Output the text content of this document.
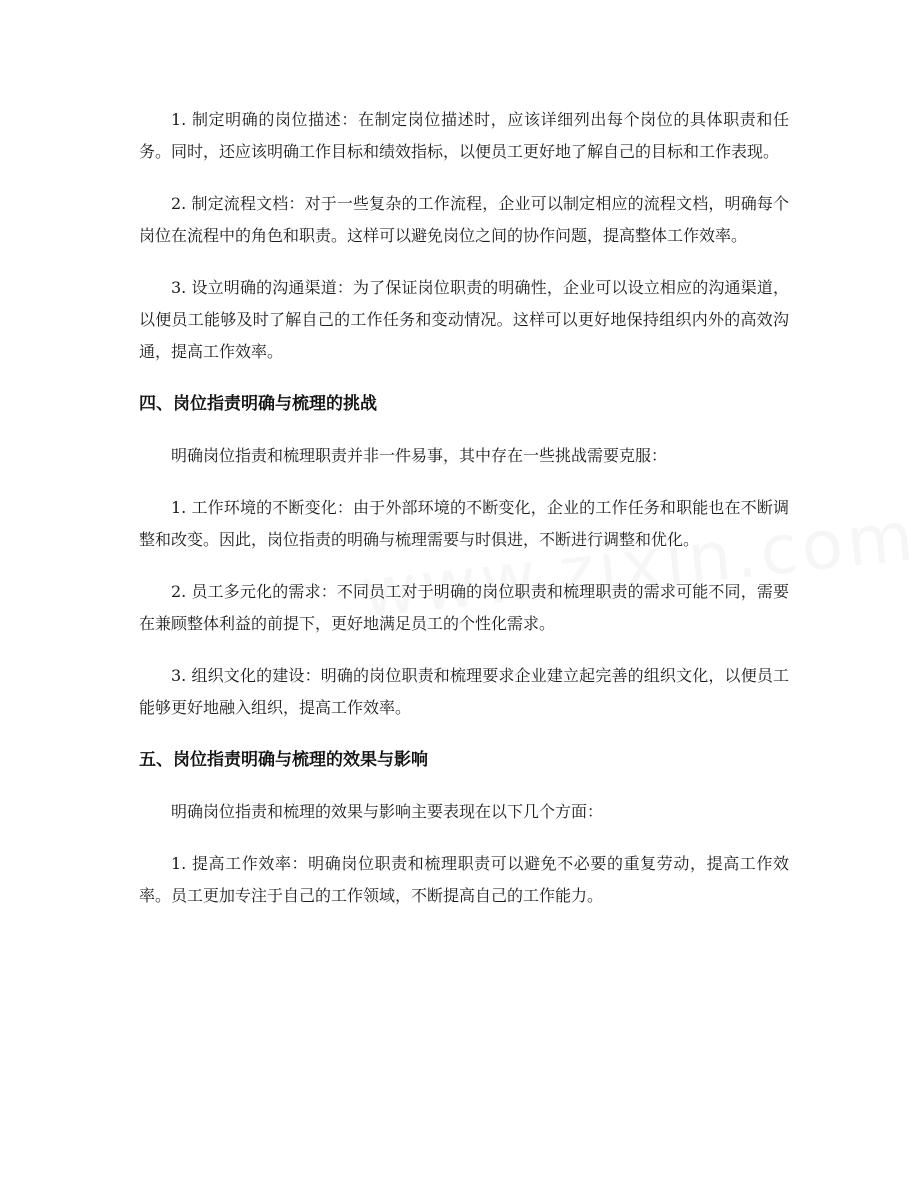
1. 制定明确的岗位描述：在制定岗位描述时，应该详细列出每个岗位的具体职责和任务。同时，还应该明确工作目标和绩效指标，以便员工更好地了解自己的目标和工作表现。

2. 制定流程文档：对于一些复杂的工作流程，企业可以制定相应的流程文档，明确每个岗位在流程中的角色和职责。这样可以避免岗位之间的协作问题，提高整体工作效率。

3. 设立明确的沟通渠道：为了保证岗位职责的明确性，企业可以设立相应的沟通渠道，以便员工能够及时了解自己的工作任务和变动情况。这样可以更好地保持组织内外的高效沟通，提高工作效率。

四、岗位指责明确与梳理的挑战

明确岗位指责和梳理职责并非一件易事，其中存在一些挑战需要克服：

1. 工作环境的不断变化：由于外部环境的不断变化，企业的工作任务和职能也在不断调整和改变。因此，岗位指责的明确与梳理需要与时俱进，不断进行调整和优化。

2. 员工多元化的需求：不同员工对于明确的岗位职责和梳理职责的需求可能不同，需要在兼顾整体利益的前提下，更好地满足员工的个性化需求。

3. 组织文化的建设：明确的岗位职责和梳理要求企业建立起完善的组织文化，以便员工能够更好地融入组织，提高工作效率。

五、岗位指责明确与梳理的效果与影响

明确岗位指责和梳理的效果与影响主要表现在以下几个方面：

1. 提高工作效率：明确岗位职责和梳理职责可以避免不必要的重复劳动，提高工作效率。员工更加专注于自己的工作领域，不断提高自己的工作能力。
